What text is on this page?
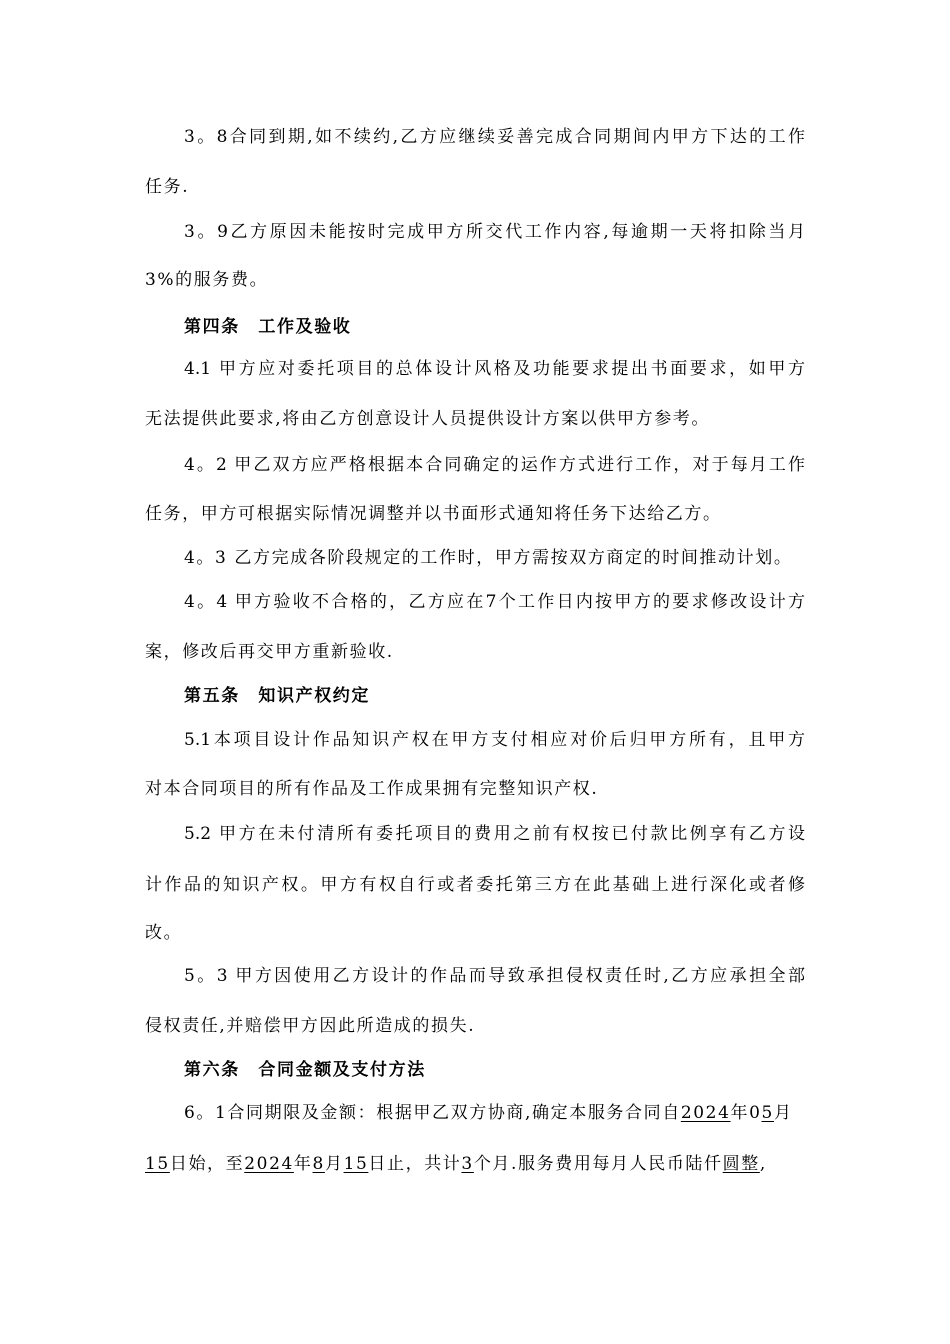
3。8合同到期,如不续约,乙方应继续妥善完成合同期间内甲方下达的工作
任务.
3。9乙方原因未能按时完成甲方所交代工作内容,每逾期一天将扣除当月
3%的服务费。
第四条　工作及验收
4.1 甲方应对委托项目的总体设计风格及功能要求提出书面要求，如甲方
无法提供此要求,将由乙方创意设计人员提供设计方案以供甲方参考。
4。2 甲乙双方应严格根据本合同确定的运作方式进行工作，对于每月工作
任务，甲方可根据实际情况调整并以书面形式通知将任务下达给乙方。
4。3 乙方完成各阶段规定的工作时，甲方需按双方商定的时间推动计划。
4。4 甲方验收不合格的，乙方应在7个工作日内按甲方的要求修改设计方
案，修改后再交甲方重新验收.
第五条　知识产权约定
5.1本项目设计作品知识产权在甲方支付相应对价后归甲方所有，且甲方
对本合同项目的所有作品及工作成果拥有完整知识产权.
5.2 甲方在未付清所有委托项目的费用之前有权按已付款比例享有乙方设
计作品的知识产权。甲方有权自行或者委托第三方在此基础上进行深化或者修
改。
5。3 甲方因使用乙方设计的作品而导致承担侵权责任时,乙方应承担全部
侵权责任,并赔偿甲方因此所造成的损失.
第六条　合同金额及支付方法
6。1合同期限及金额：根据甲乙双方协商,确定本服务合同自2024年05月
15日始，至2024年8月15日止，共计3个月.服务费用每月人民币陆仟圆整,
